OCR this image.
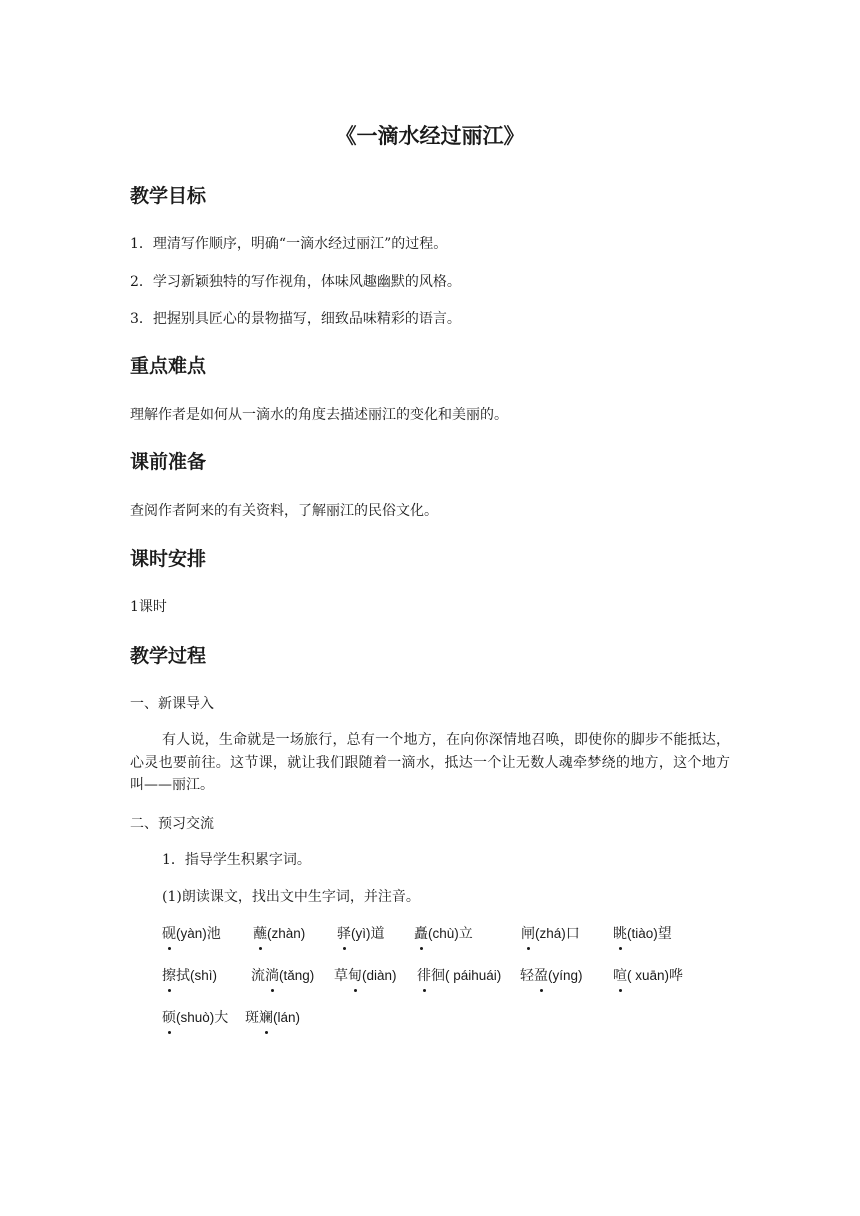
《一滴水经过丽江》
教学目标
1．理清写作顺序，明确“一滴水经过丽江”的过程。
2．学习新颖独特的写作视角，体味风趣幽默的风格。
3．把握别具匠心的景物描写，细致品味精彩的语言。
重点难点
理解作者是如何从一滴水的角度去描述丽江的变化和美丽的。
课前准备
查阅作者阿来的有关资料，了解丽江的民俗文化。
课时安排
1课时
教学过程
一、新课导入
有人说，生命就是一场旅行，总有一个地方，在向你深情地召唤，即使你的脚步不能抵达，心灵也要前往。这节课，就让我们跟随着一滴水，抵达一个让无数人魂牵梦绕的地方，这个地方叫——丽江。
二、预习交流
1．指导学生积累字词。
(1)朗读课文，找出文中生字词，并注音。
砚(yàn)池 蘸(zhàn) 驿(yì)道 矗(chù)立	闸(zhá)口 眺(tiào)望
擦拭(shì) 流淌(tǎng) 草甸(diàn) 徘徊( páihuái) 轻盈(yíng) 喧( xuān)哗
硕(shuò)大 斑斓(lán)
